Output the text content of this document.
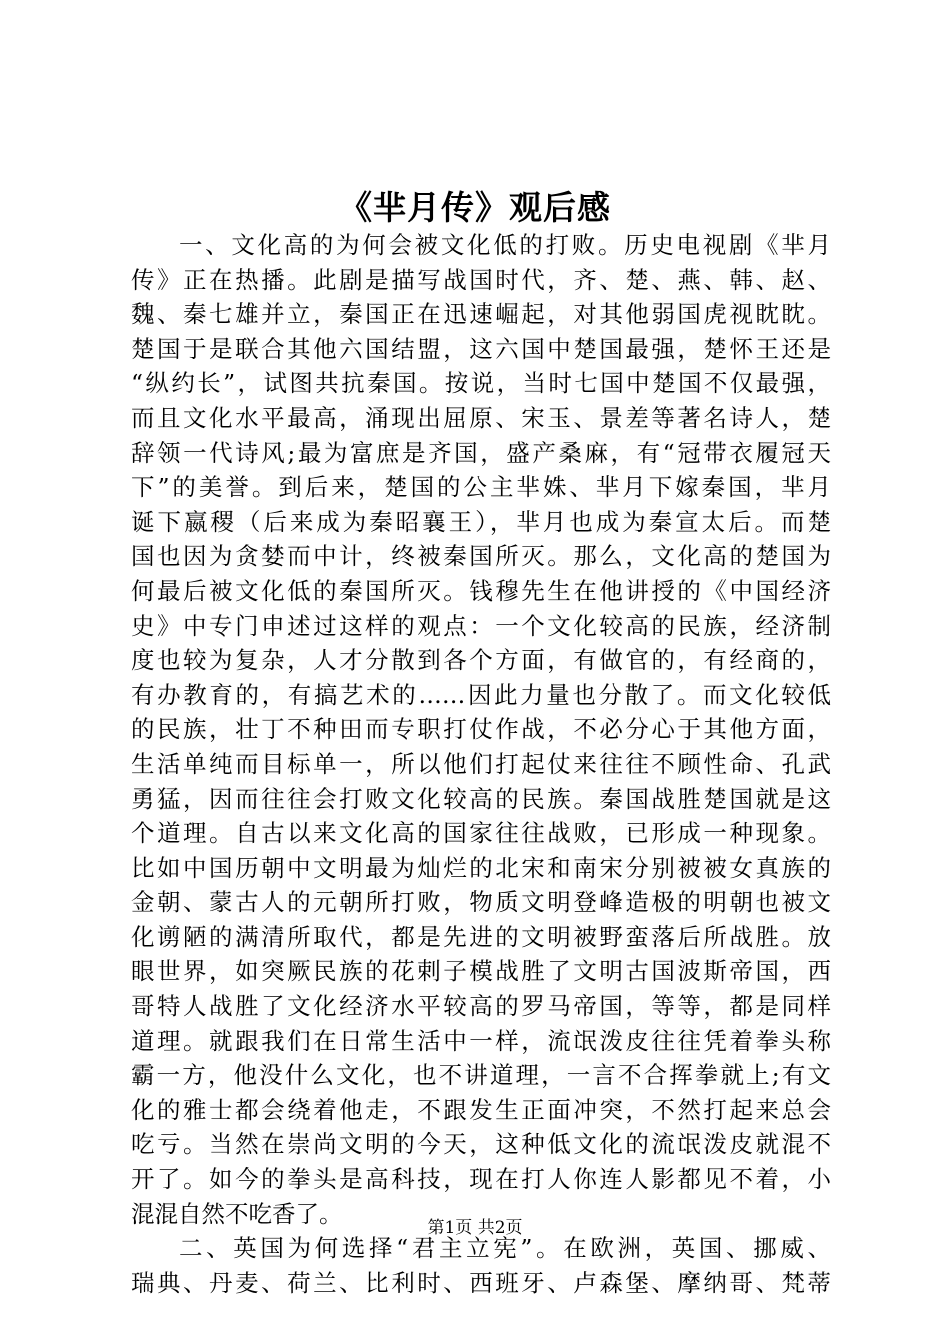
《芈月传》观后感
一、文化高的为何会被文化低的打败。历史电视剧《芈月
传》正在热播。此剧是描写战国时代，齐、楚、燕、韩、赵、
魏、秦七雄并立，秦国正在迅速崛起，对其他弱国虎视眈眈。
楚国于是联合其他六国结盟，这六国中楚国最强，楚怀王还是
“纵约长”，试图共抗秦国。按说，当时七国中楚国不仅最强，
而且文化水平最高，涌现出屈原、宋玉、景差等著名诗人，楚
辞领一代诗风;最为富庶是齐国，盛产桑麻，有“冠带衣履冠天
下”的美誉。到后来，楚国的公主芈姝、芈月下嫁秦国，芈月
诞下嬴稷（后来成为秦昭襄王），芈月也成为秦宣太后。而楚
国也因为贪婪而中计，终被秦国所灭。那么，文化高的楚国为
何最后被文化低的秦国所灭。钱穆先生在他讲授的《中国经济
史》中专门申述过这样的观点：一个文化较高的民族，经济制
度也较为复杂，人才分散到各个方面，有做官的，有经商的，
有办教育的，有搞艺术的……因此力量也分散了。而文化较低
的民族，壮丁不种田而专职打仗作战，不必分心于其他方面，
生活单纯而目标单一，所以他们打起仗来往往不顾性命、孔武
勇猛，因而往往会打败文化较高的民族。秦国战胜楚国就是这
个道理。自古以来文化高的国家往往战败，已形成一种现象。
比如中国历朝中文明最为灿烂的北宋和南宋分别被被女真族的
金朝、蒙古人的元朝所打败，物质文明登峰造极的明朝也被文
化谫陋的满清所取代，都是先进的文明被野蛮落后所战胜。放
眼世界，如突厥民族的花剌子模战胜了文明古国波斯帝国，西
哥特人战胜了文化经济水平较高的罗马帝国，等等，都是同样
道理。就跟我们在日常生活中一样，流氓泼皮往往凭着拳头称
霸一方，他没什么文化，也不讲道理，一言不合挥拳就上;有文
化的雅士都会绕着他走，不跟发生正面冲突，不然打起来总会
吃亏。当然在崇尚文明的今天，这种低文化的流氓泼皮就混不
开了。如今的拳头是高科技，现在打人你连人影都见不着，小
混混自然不吃香了。
二、英国为何选择“君主立宪”。在欧洲，英国、挪威、
瑞典、丹麦、荷兰、比利时、西班牙、卢森堡、摩纳哥、梵蒂
第1页 共2页
